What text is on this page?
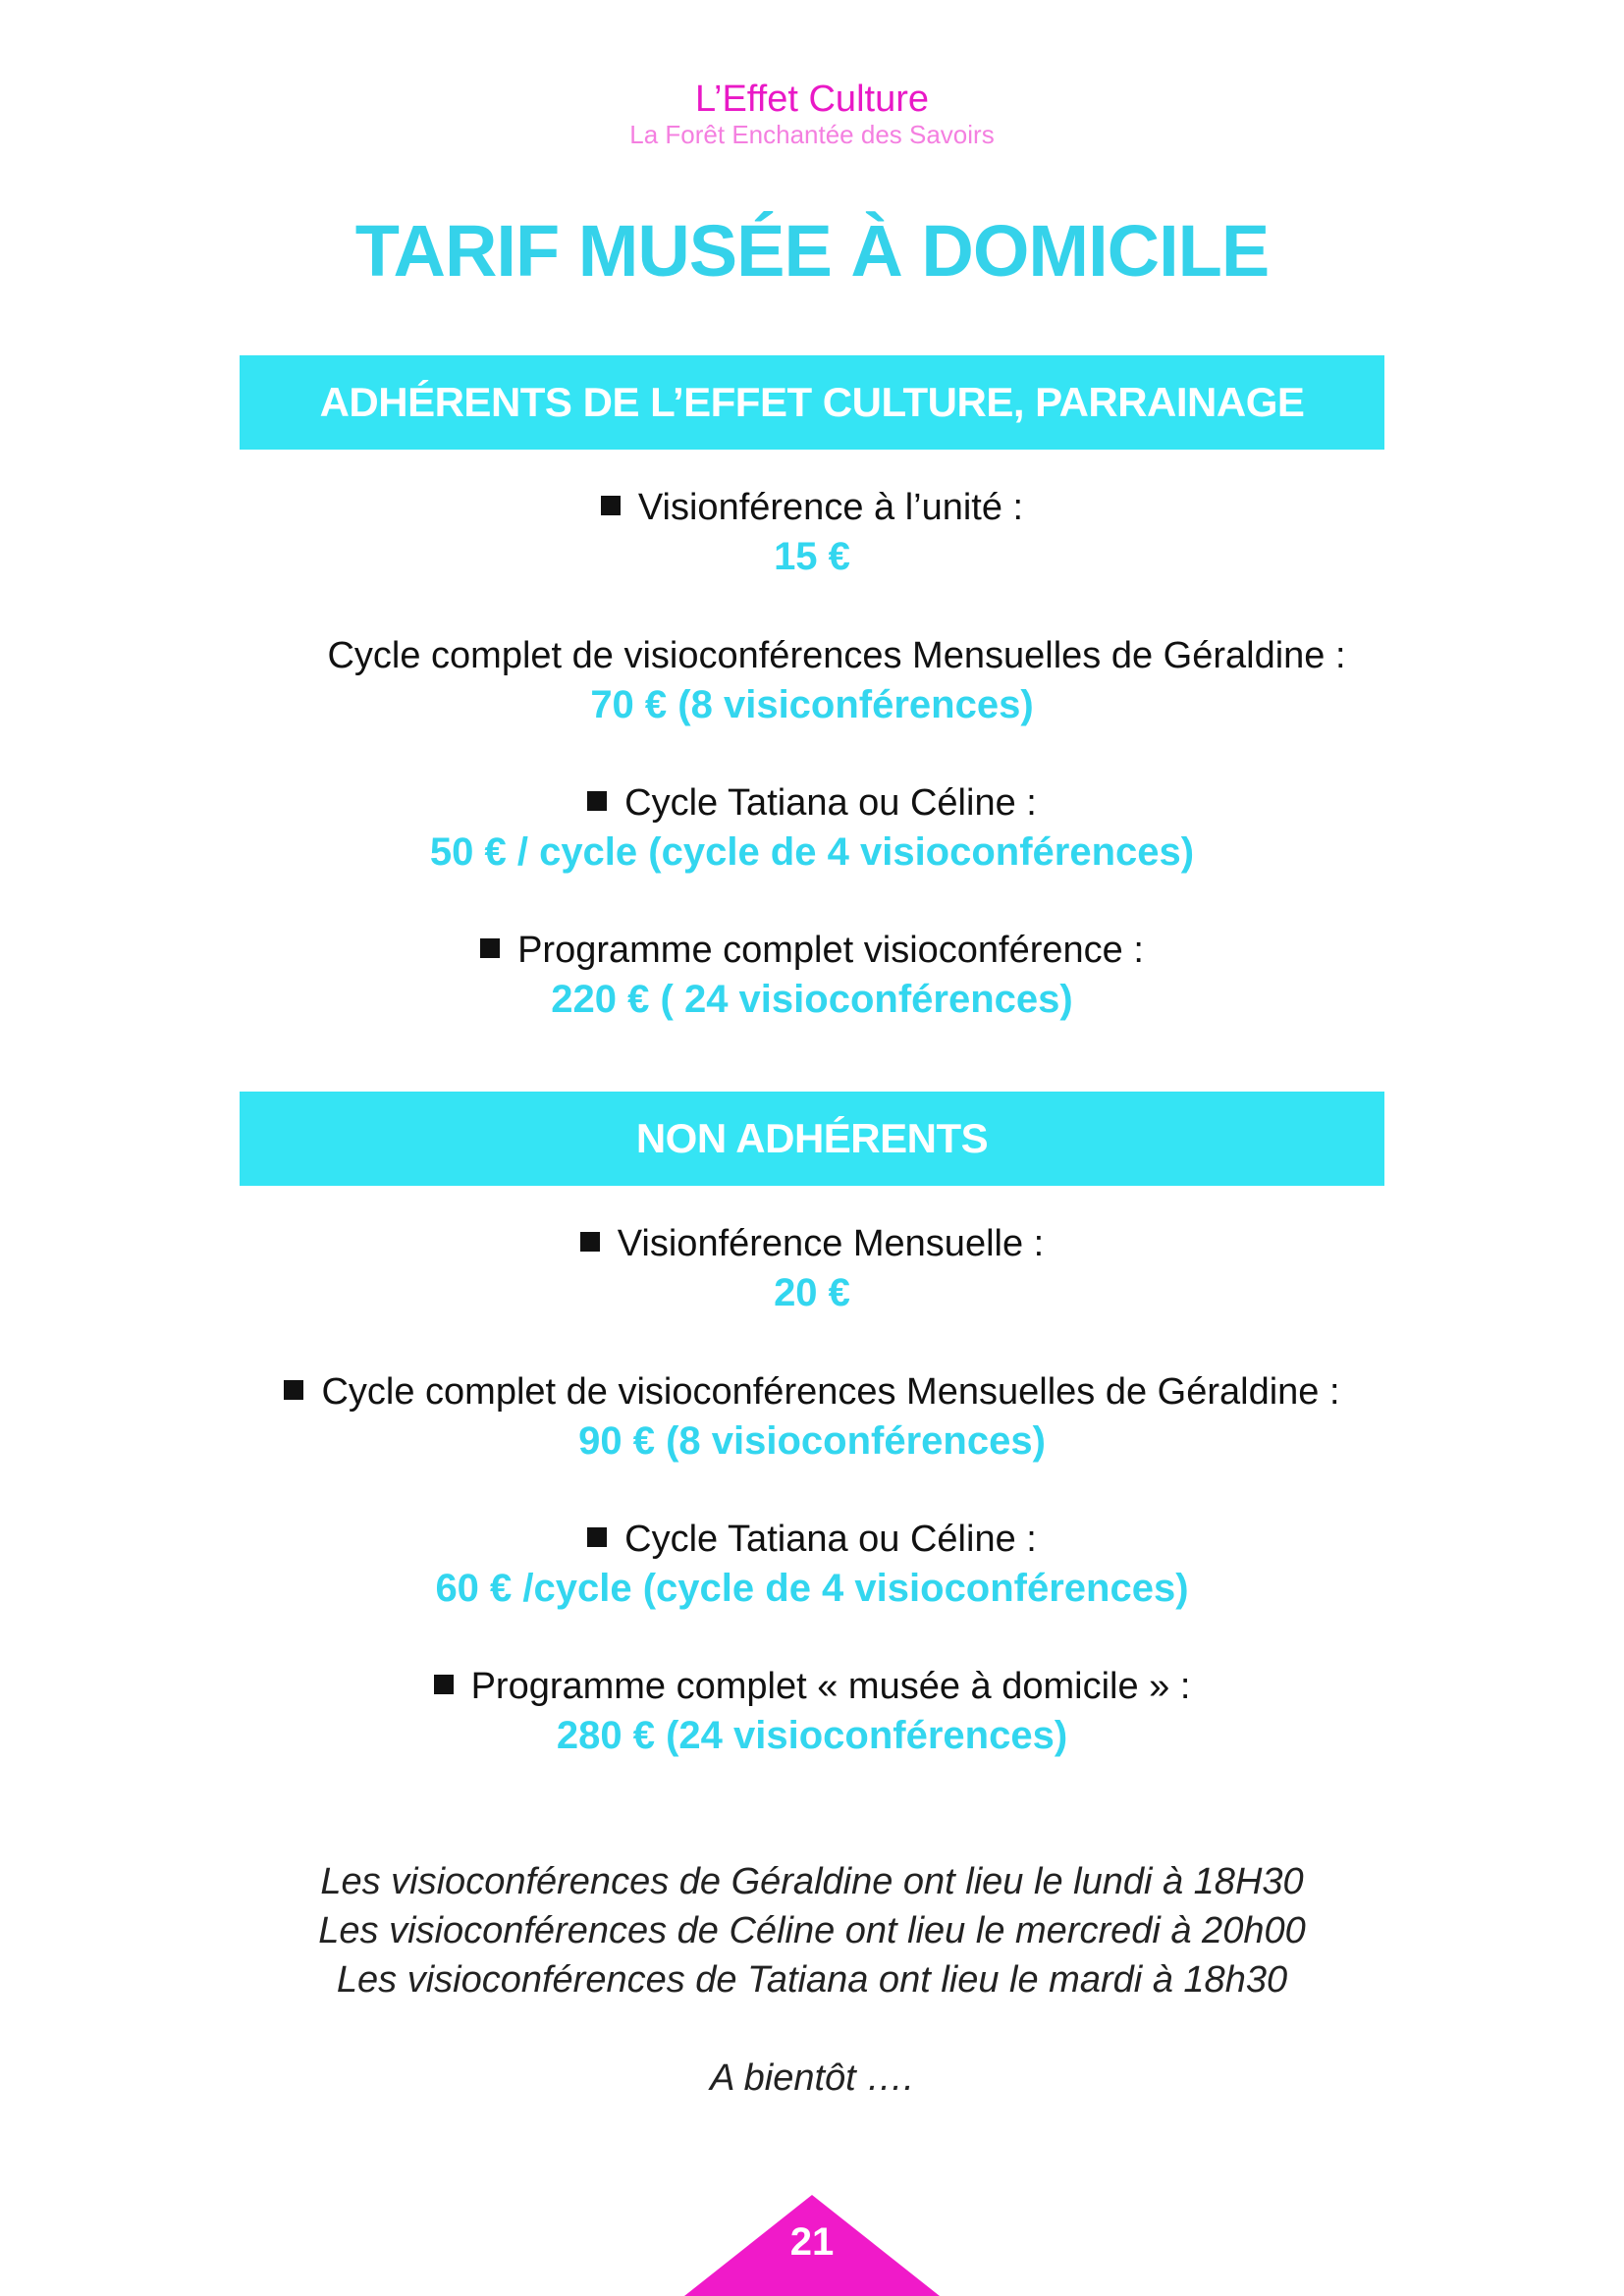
L’Effet Culture
La Forêt Enchantée des Savoirs
TARIF MUSÉE À DOMICILE
ADHÉRENTS DE L’EFFET CULTURE, PARRAINAGE
Visionférence à l’unité :
15 €
Cycle complet de visioconférences Mensuelles de Géraldine :
70 € (8 visiconférences)
Cycle Tatiana ou Céline :
50 € / cycle (cycle de 4 visioconférences)
Programme complet visioconférence :
220 € ( 24 visioconférences)
NON ADHÉRENTS
Visionférence Mensuelle :
20 €
Cycle complet de visioconférences Mensuelles de Géraldine :
90 € (8 visioconférences)
Cycle Tatiana ou Céline :
60 € /cycle (cycle de 4 visioconférences)
Programme complet « musée à domicile » :
280 € (24 visioconférences)
Les visioconférences de Géraldine ont lieu le lundi à 18H30
Les visioconférences de Céline ont lieu le mercredi à 20h00
Les visioconférences de Tatiana ont lieu le mardi à 18h30
A bientôt ….
21
